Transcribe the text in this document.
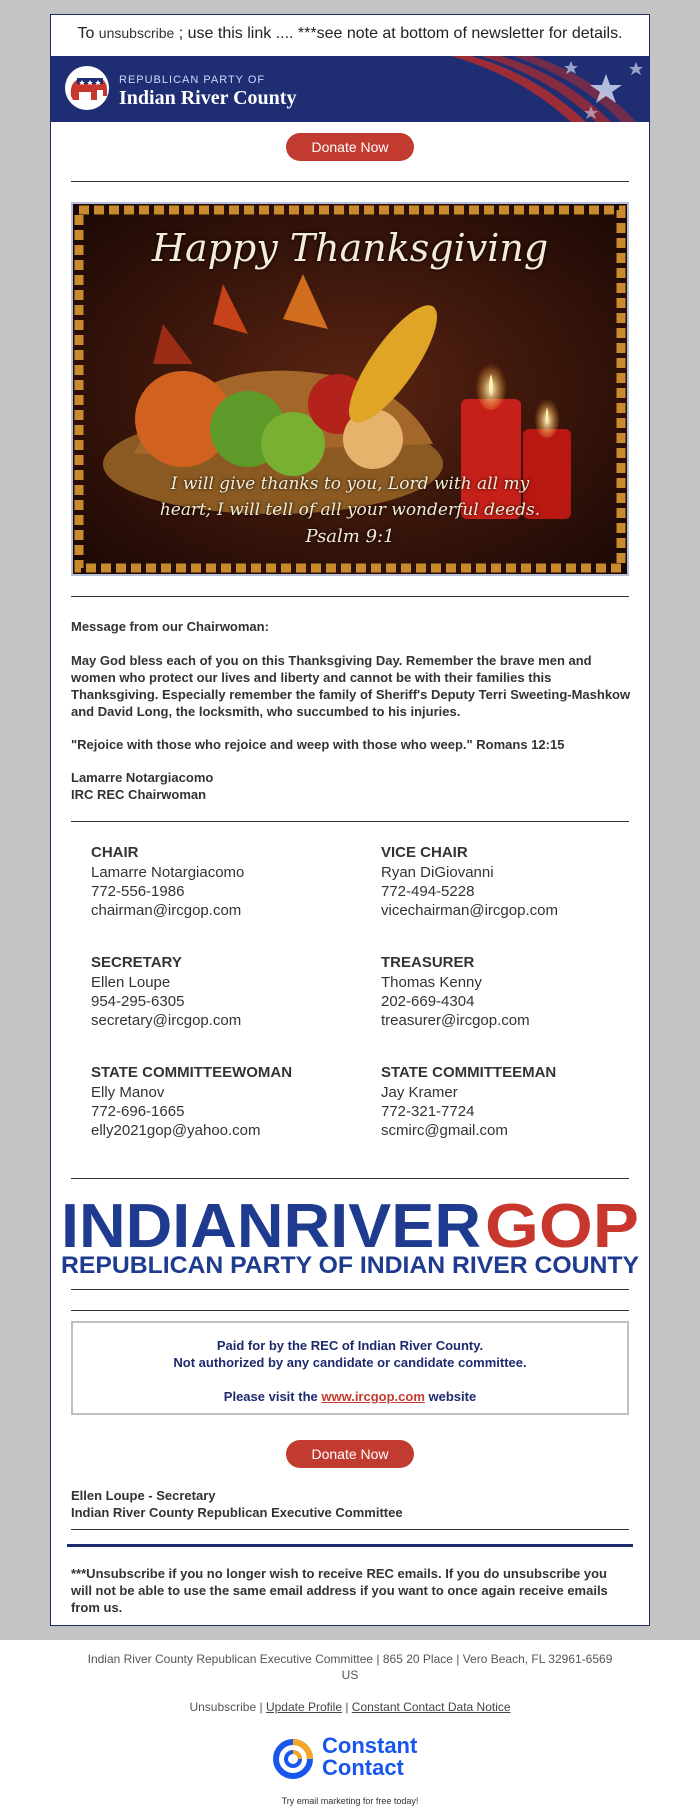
To unsubscribe ; use this link .... ***see note at bottom of newsletter for details.
REPUBLICAN PARTY OF
Indian River County
Donate Now
Happy Thanksgiving
I will give thanks to you, Lord with all my
heart; I will tell of all your wonderful deeds.
Psalm 9:1
Message from our Chairwoman:
May God bless each of you on this Thanksgiving Day. Remember the brave men and women who protect our lives and liberty and cannot be with their families this Thanksgiving. Especially remember the family of Sheriff's Deputy Terri Sweeting-Mashkow and David Long, the locksmith, who succumbed to his injuries.
"Rejoice with those who rejoice and weep with those who weep." Romans 12:15
Lamarre Notargiacomo
IRC REC Chairwoman
CHAIR
Lamarre Notargiacomo
772-556-1986
chairman@ircgop.com
VICE CHAIR
Ryan DiGiovanni
772-494-5228
vicechairman@ircgop.com
SECRETARY
Ellen Loupe
954-295-6305
secretary@ircgop.com
TREASURER
Thomas Kenny
202-669-4304
treasurer@ircgop.com
STATE COMMITTEEWOMAN
Elly Manov
772-696-1665
elly2021gop@yahoo.com
STATE COMMITTEEMAN
Jay Kramer
772-321-7724
scmirc@gmail.com
INDIANRIVER GOP
REPUBLICAN PARTY OF INDIAN RIVER COUNTY
Paid for by the REC of Indian River County.
Not authorized by any candidate or candidate committee.
Please visit the www.ircgop.com website
Donate Now
Ellen Loupe - Secretary
Indian River County Republican Executive Committee
***Unsubscribe if you no longer wish to receive REC emails. If you do unsubscribe you will not be able to use the same email address if you want to once again receive emails from us.
Indian River County Republican Executive Committee | 865 20 Place | Vero Beach, FL 32961-6569 US
Unsubscribe | Update Profile | Constant Contact Data Notice
Constant
Contact
Try email marketing for free today!
